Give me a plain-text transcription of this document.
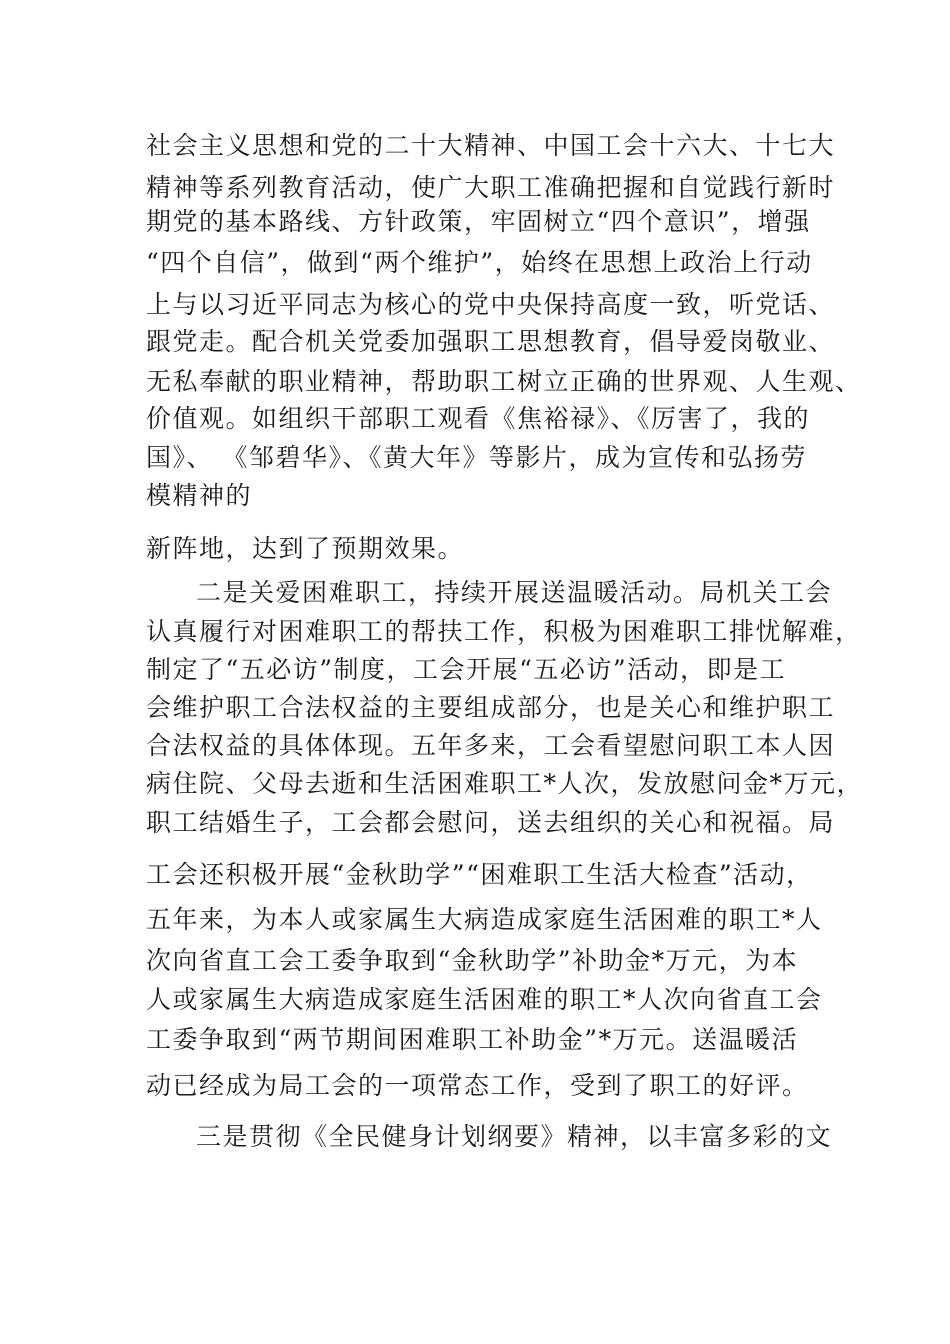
社会主义思想和党的二十大精神、中国工会十六大、十七大
精神等系列教育活动，使广大职工准确把握和自觉践行新时
期党的基本路线、方针政策，牢固树立“四个意识”，增强
“四个自信”，做到“两个维护”，始终在思想上政治上行动
上与以习近平同志为核心的党中央保持高度一致，听党话、
跟党走。配合机关党委加强职工思想教育，倡导爱岗敬业、
无私奉献的职业精神，帮助职工树立正确的世界观、人生观、
价值观。如组织干部职工观看《焦裕禄》、《厉害了，我的
国》、 《邹碧华》、《黄大年》等影片，成为宣传和弘扬劳
模精神的
新阵地，达到了预期效果。
二是关爱困难职工，持续开展送温暖活动。局机关工会
认真履行对困难职工的帮扶工作，积极为困难职工排忧解难，
制定了“五必访”制度，工会开展“五必访”活动，即是工
会维护职工合法权益的主要组成部分，也是关心和维护职工
合法权益的具体体现。五年多来，工会看望慰问职工本人因
病住院、父母去逝和生活困难职工*人次，发放慰问金*万元，
职工结婚生子，工会都会慰问，送去组织的关心和祝福。局
工会还积极开展“金秋助学”“困难职工生活大检查”活动，
五年来，为本人或家属生大病造成家庭生活困难的职工*人
次向省直工会工委争取到“金秋助学”补助金*万元，为本
人或家属生大病造成家庭生活困难的职工*人次向省直工会
工委争取到“两节期间困难职工补助金”*万元。送温暖活
动已经成为局工会的一项常态工作，受到了职工的好评。
三是贯彻《全民健身计划纲要》精神，以丰富多彩的文
